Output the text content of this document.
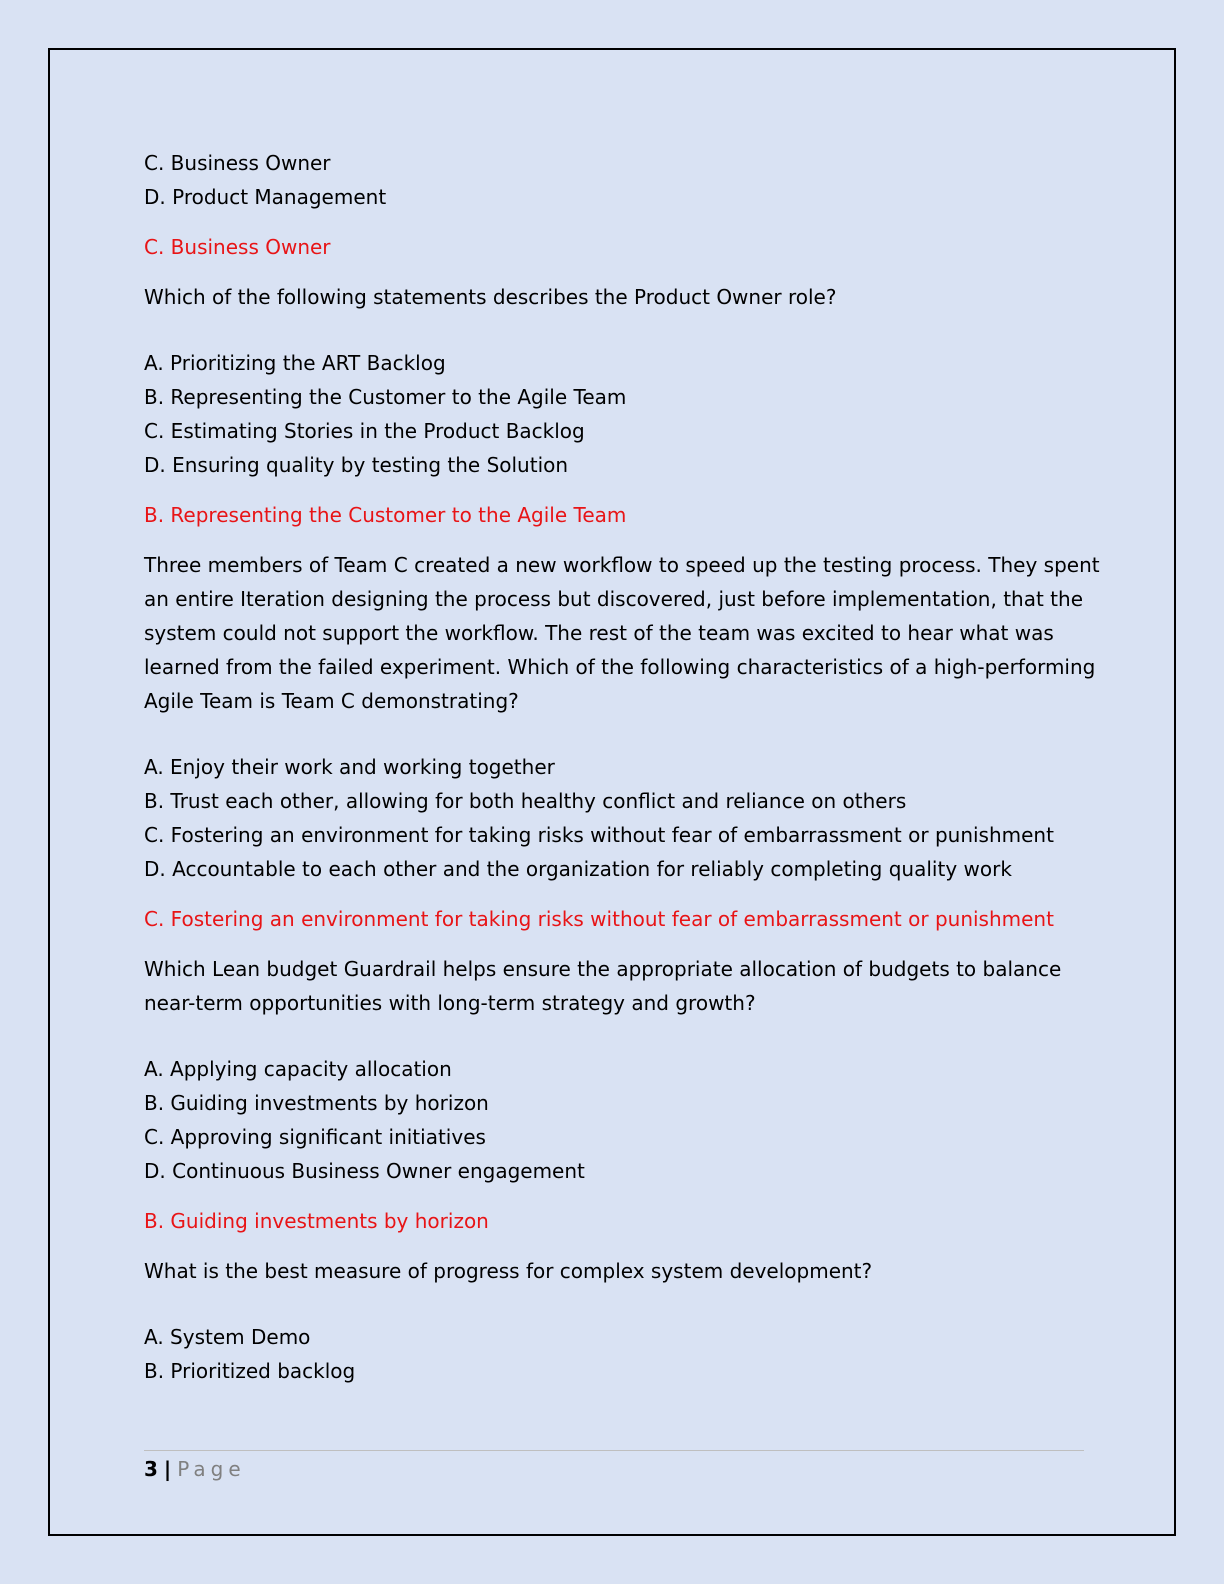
C. Business Owner

D. Product Management

C. Business Owner

Which of the following statements describes the Product Owner role?

A. Prioritizing the ART Backlog

B. Representing the Customer to the Agile Team

C. Estimating Stories in the Product Backlog

D. Ensuring quality by testing the Solution

B. Representing the Customer to the Agile Team

Three members of Team C created a new workflow to speed up the testing process. They spent

an entire Iteration designing the process but discovered, just before implementation, that the

system could not support the workflow. The rest of the team was excited to hear what was

learned from the failed experiment. Which of the following characteristics of a high-performing

Agile Team is Team C demonstrating?

A. Enjoy their work and working together

B. Trust each other, allowing for both healthy conflict and reliance on others

C. Fostering an environment for taking risks without fear of embarrassment or punishment

D. Accountable to each other and the organization for reliably completing quality work

C. Fostering an environment for taking risks without fear of embarrassment or punishment

Which Lean budget Guardrail helps ensure the appropriate allocation of budgets to balance

near-term opportunities with long-term strategy and growth?

A. Applying capacity allocation

B. Guiding investments by horizon

C. Approving significant initiatives

D. Continuous Business Owner engagement

B. Guiding investments by horizon

What is the best measure of progress for complex system development?

A. System Demo

B. Prioritized backlog

3 | Page
